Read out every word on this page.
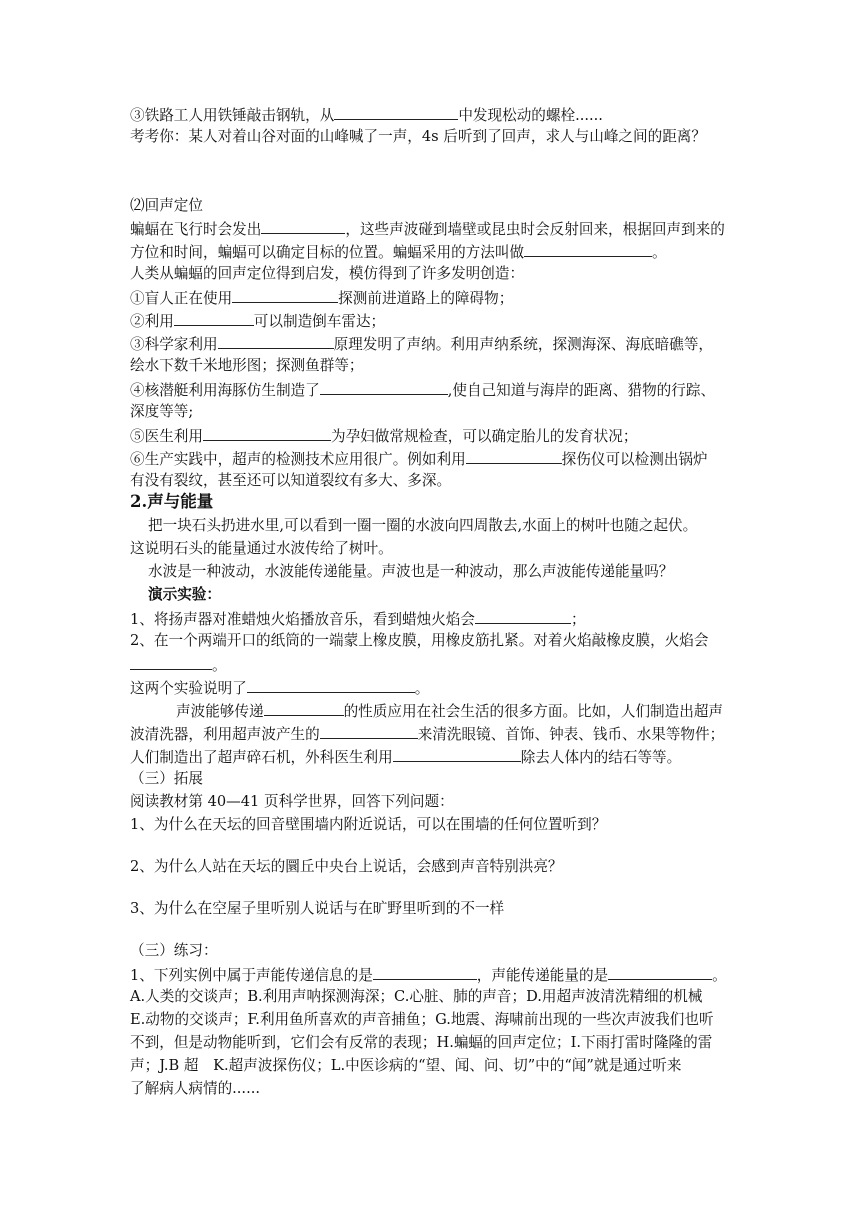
③铁路工人用铁锤敲击钢轨，从	中发现松动的螺栓......
考考你：某人对着山谷对面的山峰喊了一声，4s 后听到了回声，求人与山峰之间的距离？
⑵回声定位
蝙蝠在飞行时会发出	，这些声波碰到墙壁或昆虫时会反射回来，根据回声到来的
方位和时间，蝙蝠可以确定目标的位置。蝙蝠采用的方法叫做	。
人类从蝙蝠的回声定位得到启发，模仿得到了许多发明创造：
①盲人正在使用	探测前进道路上的障碍物；
②利用	可以制造倒车雷达；
③科学家利用	原理发明了声纳。利用声纳系统，探测海深、海底暗礁等，
绘水下数千米地形图；探测鱼群等；
④核潜艇利用海豚仿生制造了	,使自己知道与海岸的距离、猎物的行踪、
深度等等;
⑤医生利用	为孕妇做常规检查，可以确定胎儿的发育状况；
⑥生产实践中，超声的检测技术应用很广。例如利用	探伤仪可以检测出锅炉
有没有裂纹，甚至还可以知道裂纹有多大、多深。
2.声与能量
把一块石头扔进水里,可以看到一圈一圈的水波向四周散去,水面上的树叶也随之起伏。
这说明石头的能量通过水波传给了树叶。
水波是一种波动，水波能传递能量。声波也是一种波动，那么声波能传递能量吗？
演示实验：
1、将扬声器对准蜡烛火焰播放音乐，看到蜡烛火焰会	；
2、在一个两端开口的纸筒的一端蒙上橡皮膜，用橡皮筋扎紧。对着火焰敲橡皮膜，火焰会
。
这两个实验说明了	。
声波能够传递	的性质应用在社会生活的很多方面。比如，人们制造出超声
波清洗器，利用超声波产生的	来清洗眼镜、首饰、钟表、钱币、水果等物件；
人们制造出了超声碎石机，外科医生利用	除去人体内的结石等等。
（三）拓展
阅读教材第 40—41 页科学世界，回答下列问题：
1、为什么在天坛的回音壁围墙内附近说话，可以在围墙的任何位置听到？
2、为什么人站在天坛的圜丘中央台上说话，会感到声音特别洪亮？
3、为什么在空屋子里听别人说话与在旷野里听到的不一样
（三）练习：
1、下列实例中属于声能传递信息的是	，声能传递能量的是	。
A.人类的交谈声；B.利用声呐探测海深；C.心脏、肺的声音；D.用超声波清洗精细的机械
E.动物的交谈声；F.利用鱼所喜欢的声音捕鱼；G.地震、海啸前出现的一些次声波我们也听
不到，但是动物能听到，它们会有反常的表现；H.蝙蝠的回声定位；I.下雨打雷时隆隆的雷
声；J.B 超　K.超声波探伤仪；L.中医诊病的“望、闻、问、切”中的“闻”就是通过听来
了解病人病情的......
